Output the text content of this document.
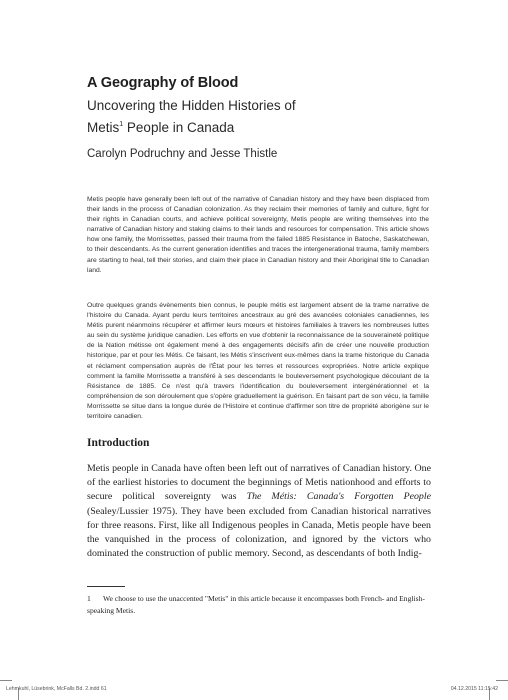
A Geography of Blood
Uncovering the Hidden Histories of
Metis$^1$ People in Canada
Carolyn Podruchny and Jesse Thistle

Metis people have generally been left out of the narrative of Canadian history and they have been displaced from their lands in the process of Canadian colonization. As they reclaim their memories of family and culture, fight for their rights in Canadian courts, and achieve political sovereignty, Metis people are writing themselves into the narrative of Canadian history and staking claims to their lands and resources for compensation. This article shows how one family, the Morrissettes, passed their trauma from the failed 1885 Resistance in Batoche, Saskatchewan, to their descendants. As the current generation identifies and traces the intergenerational trauma, family members are starting to heal, tell their stories, and claim their place in Canadian history and their Aboriginal title to Canadian land.

Outre quelques grands évènements bien connus, le peuple métis est largement absent de la trame narrative de l'histoire du Canada. Ayant perdu leurs territoires ancestraux au gré des avancées coloniales canadiennes, les Métis purent néanmoins récupérer et affirmer leurs mœurs et histoires familiales à travers les nombreuses luttes au sein du système juridique canadien. Les efforts en vue d'obtenir la reconnaissance de la souveraineté politique de la Nation métisse ont également mené à des engagements décisifs afin de créer une nouvelle production historique, par et pour les Métis. Ce faisant, les Métis s'inscrivent eux-mêmes dans la trame historique du Canada et réclament compensation auprès de l'État pour les terres et ressources expropriées. Notre article explique comment la famille Morrissette a transféré à ses descendants le bouleversement psychologique découlant de la Résistance de 1885. Ce n'est qu'à travers l'identification du bouleversement intergénérationnel et la compréhension de son déroulement que s'opère graduellement la guérison. En faisant part de son vécu, la famille Morrissette se situe dans la longue durée de l'Histoire et continue d'affirmer son titre de propriété aborigène sur le territoire canadien.

Introduction

Metis people in Canada have often been left out of narratives of Canadian history. One of the earliest histories to document the beginnings of Metis nationhood and efforts to secure political sovereignty was The Métis: Canada's Forgotten People (Sealey/Lussier 1975). They have been excluded from Canadian historical narratives for three reasons. First, like all Indigenous peoples in Canada, Metis people have been the vanquished in the process of colonization, and ignored by the victors who dominated the construction of public memory. Second, as descendants of both Indig-

1 We choose to use the unaccented "Metis" in this article because it encompasses both French- and English-speaking Metis.
Lehmkuhl, Lüsebrink, McFalls Bd. 2.indd 61	04.12.2015 11:15:42
